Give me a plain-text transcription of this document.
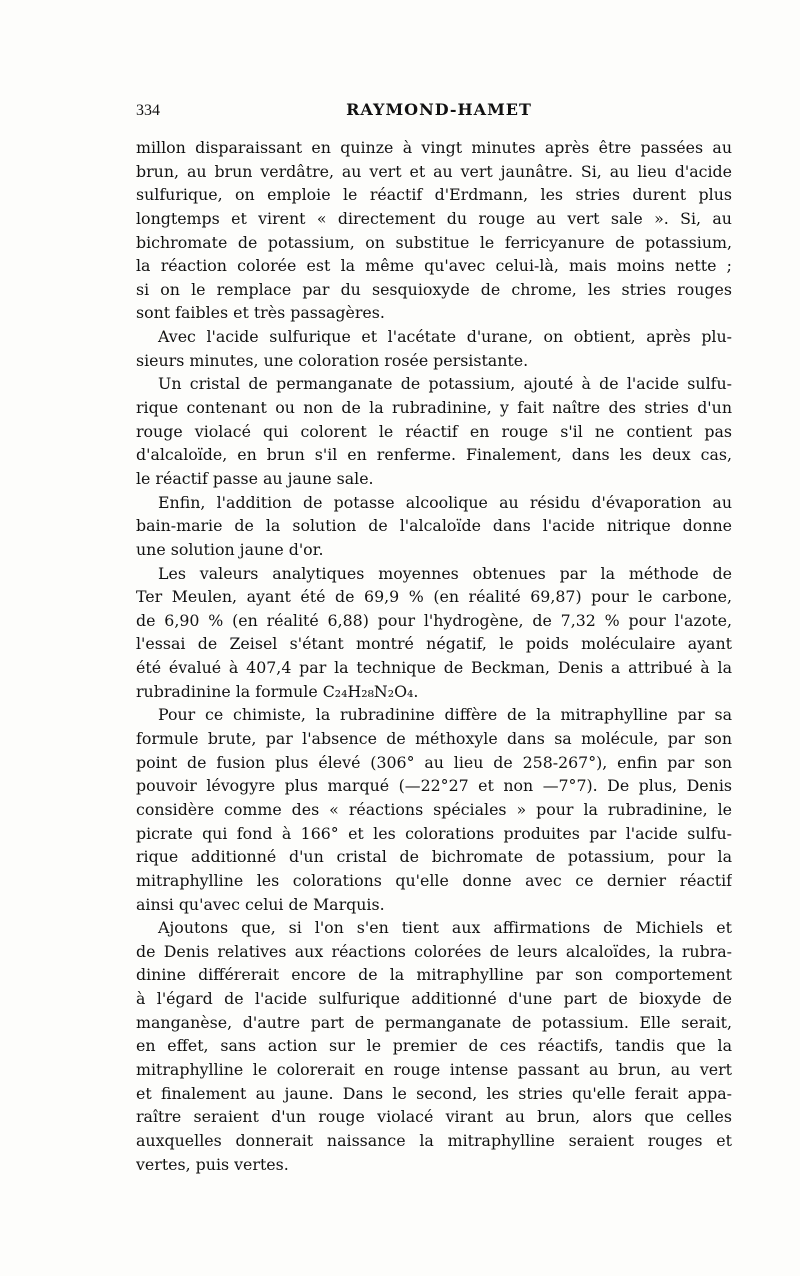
334	RAYMOND-HAMET
millon disparaissant en quinze à vingt minutes après être passées au
brun, au brun verdâtre, au vert et au vert jaunâtre. Si, au lieu d'acide
sulfurique, on emploie le réactif d'Erdmann, les stries durent plus
longtemps et virent « directement du rouge au vert sale ». Si, au
bichromate de potassium, on substitue le ferricyanure de potassium,
la réaction colorée est la même qu'avec celui-là, mais moins nette ;
si on le remplace par du sesquioxyde de chrome, les stries rouges
sont faibles et très passagères.
Avec l'acide sulfurique et l'acétate d'urane, on obtient, après plu-
sieurs minutes, une coloration rosée persistante.
Un cristal de permanganate de potassium, ajouté à de l'acide sulfu-
rique contenant ou non de la rubradinine, y fait naître des stries d'un
rouge violacé qui colorent le réactif en rouge s'il ne contient pas
d'alcaloïde, en brun s'il en renferme. Finalement, dans les deux cas,
le réactif passe au jaune sale.
Enfin, l'addition de potasse alcoolique au résidu d'évaporation au
bain-marie de la solution de l'alcaloïde dans l'acide nitrique donne
une solution jaune d'or.
Les valeurs analytiques moyennes obtenues par la méthode de
Ter Meulen, ayant été de 69,9 % (en réalité 69,87) pour le carbone,
de 6,90 % (en réalité 6,88) pour l'hydrogène, de 7,32 % pour l'azote,
l'essai de Zeisel s'étant montré négatif, le poids moléculaire ayant
été évalué à 407,4 par la technique de Beckman, Denis a attribué à la
rubradinine la formule C₂₄H₂₈N₂O₄.
Pour ce chimiste, la rubradinine diffère de la mitraphylline par sa
formule brute, par l'absence de méthoxyle dans sa molécule, par son
point de fusion plus élevé (306° au lieu de 258-267°), enfin par son
pouvoir lévogyre plus marqué (—22°27 et non —7°7). De plus, Denis
considère comme des « réactions spéciales » pour la rubradinine, le
picrate qui fond à 166° et les colorations produites par l'acide sulfu-
rique additionné d'un cristal de bichromate de potassium, pour la
mitraphylline les colorations qu'elle donne avec ce dernier réactif
ainsi qu'avec celui de Marquis.
Ajoutons que, si l'on s'en tient aux affirmations de Michiels et
de Denis relatives aux réactions colorées de leurs alcaloïdes, la rubra-
dinine différerait encore de la mitraphylline par son comportement
à l'égard de l'acide sulfurique additionné d'une part de bioxyde de
manganèse, d'autre part de permanganate de potassium. Elle serait,
en effet, sans action sur le premier de ces réactifs, tandis que la
mitraphylline le colorerait en rouge intense passant au brun, au vert
et finalement au jaune. Dans le second, les stries qu'elle ferait appa-
raître seraient d'un rouge violacé virant au brun, alors que celles
auxquelles donnerait naissance la mitraphylline seraient rouges et
vertes, puis vertes.
